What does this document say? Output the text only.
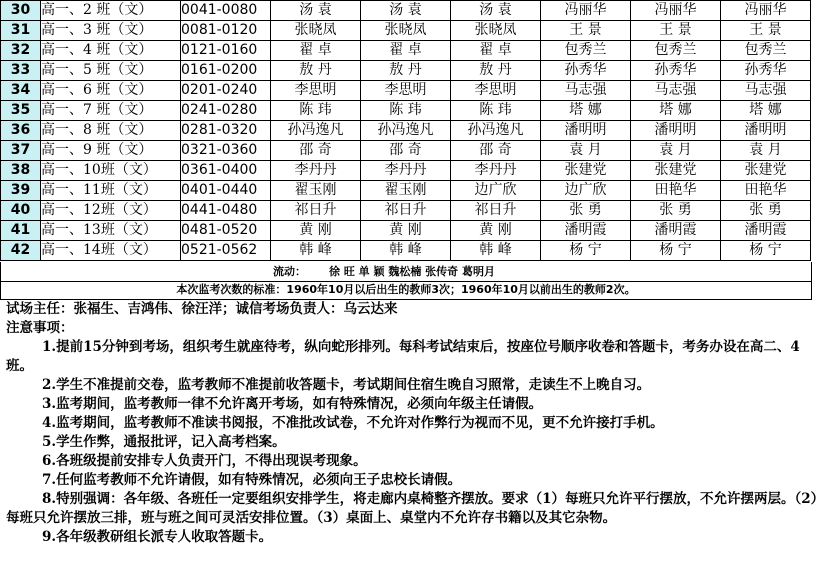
30	高一、2 班（文）	0041-0080	汤 袁	汤 袁	汤 袁	冯丽华	冯丽华	冯丽华
31	高一、3 班（文）	0081-0120	张晓凤	张晓凤	张晓凤	王 景	王 景	王 景
32	高一、4 班（文）	0121-0160	翟 卓	翟 卓	翟 卓	包秀兰	包秀兰	包秀兰
33	高一、5 班（文）	0161-0200	敖 丹	敖 丹	敖 丹	孙秀华	孙秀华	孙秀华
34	高一、6 班（文）	0201-0240	李思明	李思明	李思明	马志强	马志强	马志强
35	高一、7 班（文）	0241-0280	陈 玮	陈 玮	陈 玮	塔 娜	塔 娜	塔 娜
36	高一、8 班（文）	0281-0320	孙冯逸凡	孙冯逸凡	孙冯逸凡	潘明明	潘明明	潘明明
37	高一、9 班（文）	0321-0360	邵 奇	邵 奇	邵 奇	袁 月	袁 月	袁 月
38	高一、10班（文）	0361-0400	李丹丹	李丹丹	李丹丹	张建党	张建党	张建党
39	高一、11班（文）	0401-0440	翟玉刚	翟玉刚	边广欣	边广欣	田艳华	田艳华
40	高一、12班（文）	0441-0480	祁日升	祁日升	祁日升	张 勇	张 勇	张 勇
41	高一、13班（文）	0481-0520	黄 刚	黄 刚	黄 刚	潘明霞	潘明霞	潘明霞
42	高一、14班（文）	0521-0562	韩 峰	韩 峰	韩 峰	杨 宁	杨 宁	杨 宁
流动： 徐 旺 单 颖 魏松楠 张传奇 葛明月
本次监考次数的标准：1960年10月以后出生的教师3次；1960年10月以前出生的教师2次。

试场主任：张福生、吉鸿伟、徐汪洋；诚信考场负责人：乌云达来

注意事项：

1.提前15分钟到考场，组织考生就座待考，纵向蛇形排列。每科考试结束后，按座位号顺序收卷和答题卡，考务办设在高二、4班。

2.学生不准提前交卷，监考教师不准提前收答题卡，考试期间住宿生晚自习照常，走读生不上晚自习。

3.监考期间，监考教师一律不允许离开考场，如有特殊情况，必须向年级主任请假。

4.监考期间，监考教师不准读书阅报，不准批改试卷，不允许对作弊行为视而不见，更不允许接打手机。

5.学生作弊，通报批评，记入高考档案。

6.各班级提前安排专人负责开门，不得出现误考现象。

7.任何监考教师不允许请假，如有特殊情况，必须向王子忠校长请假。

8.特别强调：各年级、各班任一定要组织安排学生，将走廊内桌椅整齐摆放。要求（1）每班只允许平行摆放，不允许摆两层。（2）每班只允许摆放三排，班与班之间可灵活安排位置。（3）桌面上、桌堂内不允许存书籍以及其它杂物。

9.各年级教研组长派专人收取答题卡。
